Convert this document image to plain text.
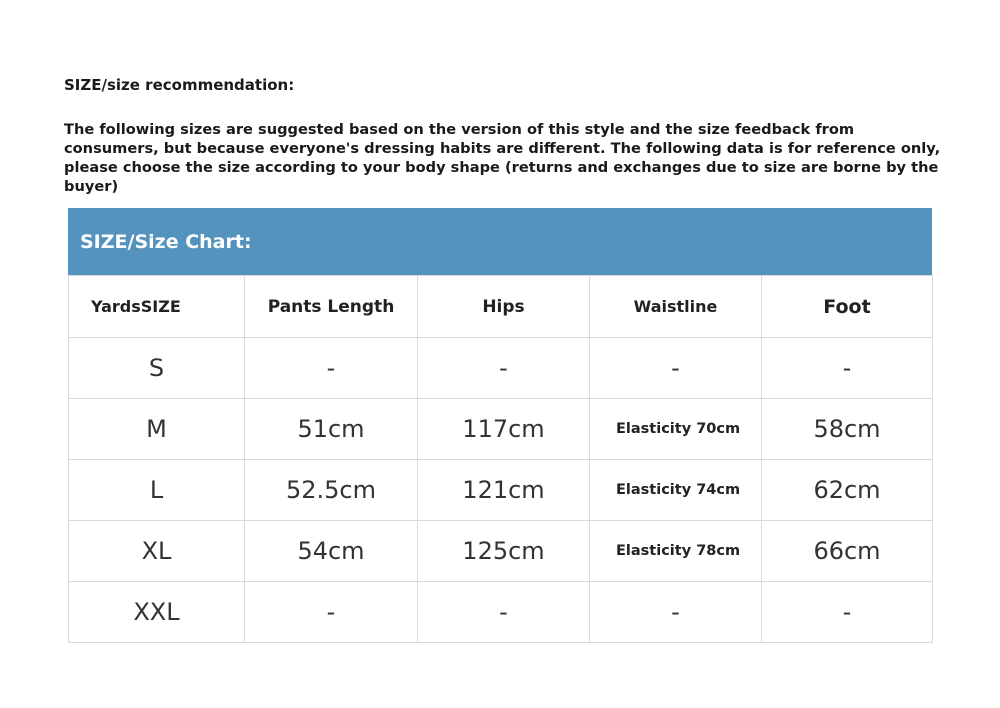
SIZE/size recommendation:

The following sizes are suggested based on the version of this style and the size feedback from consumers, but because everyone's dressing habits are different. The following data is for reference only, please choose the size according to your body shape (returns and exchanges due to size are borne by the buyer)

SIZE/Size Chart:
YardsSIZE	Pants Length	Hips	Waistline	Foot
S	-	-	-	-
M	51cm	117cm	Elasticity 70cm	58cm
L	52.5cm	121cm	Elasticity 74cm	62cm
XL	54cm	125cm	Elasticity 78cm	66cm
XXL	-	-	-	-
